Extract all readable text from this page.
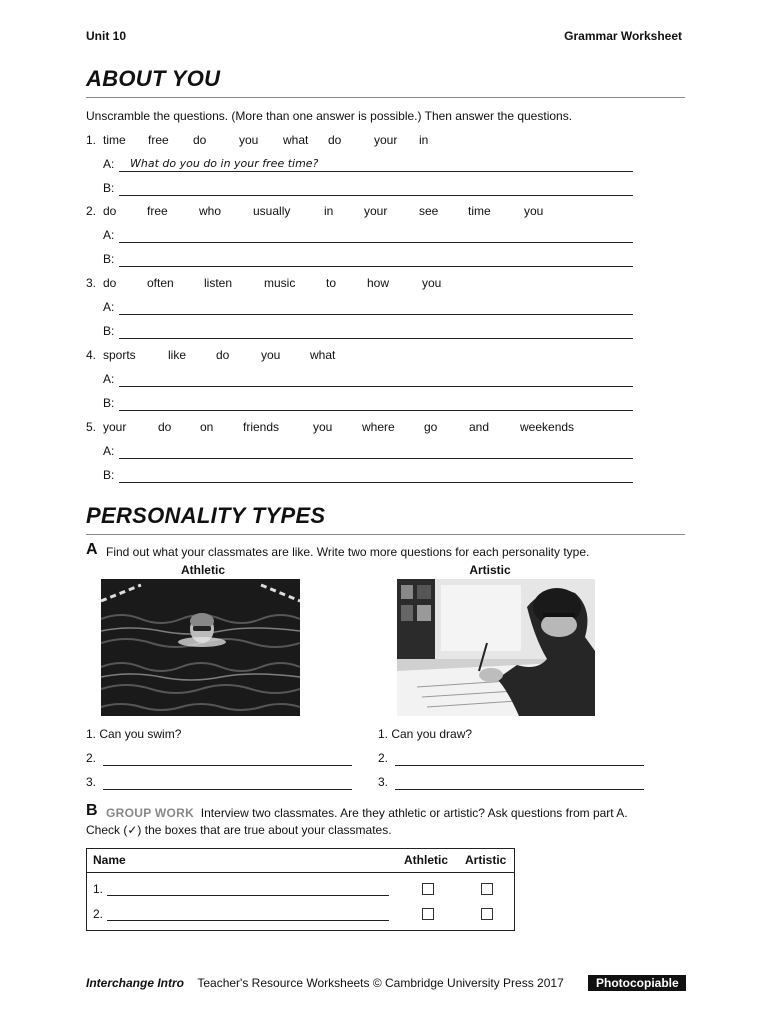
Unit 10	Grammar Worksheet
ABOUT YOU
Unscramble the questions. (More than one answer is possible.) Then answer the questions.
1. time free do	you what do	your in
A: What do you do in your free time?
B:
2. do	free	who	usually	in	your	see time	you
A:
B:
3. do	often	listen	music	to	how	you
A:
B:
4. sports	like do	you what
A:
B:
5. your	do on friends	you where go	and	weekends
A:
B:
PERSONALITY TYPES
A Find out what your classmates are like. Write two more questions for each personality type.
Athletic	Artistic
1. Can you swim?
2.
3.
1. Can you draw?
2.
3.
B GROUP WORK Interview two classmates. Are they athletic or artistic? Ask questions from part A.
Check (✓) the boxes that are true about your classmates.
Name	Athletic Artistic
1.
2.
Interchange Intro Teacher's Resource Worksheets © Cambridge University Press 2017	Photocopiable
